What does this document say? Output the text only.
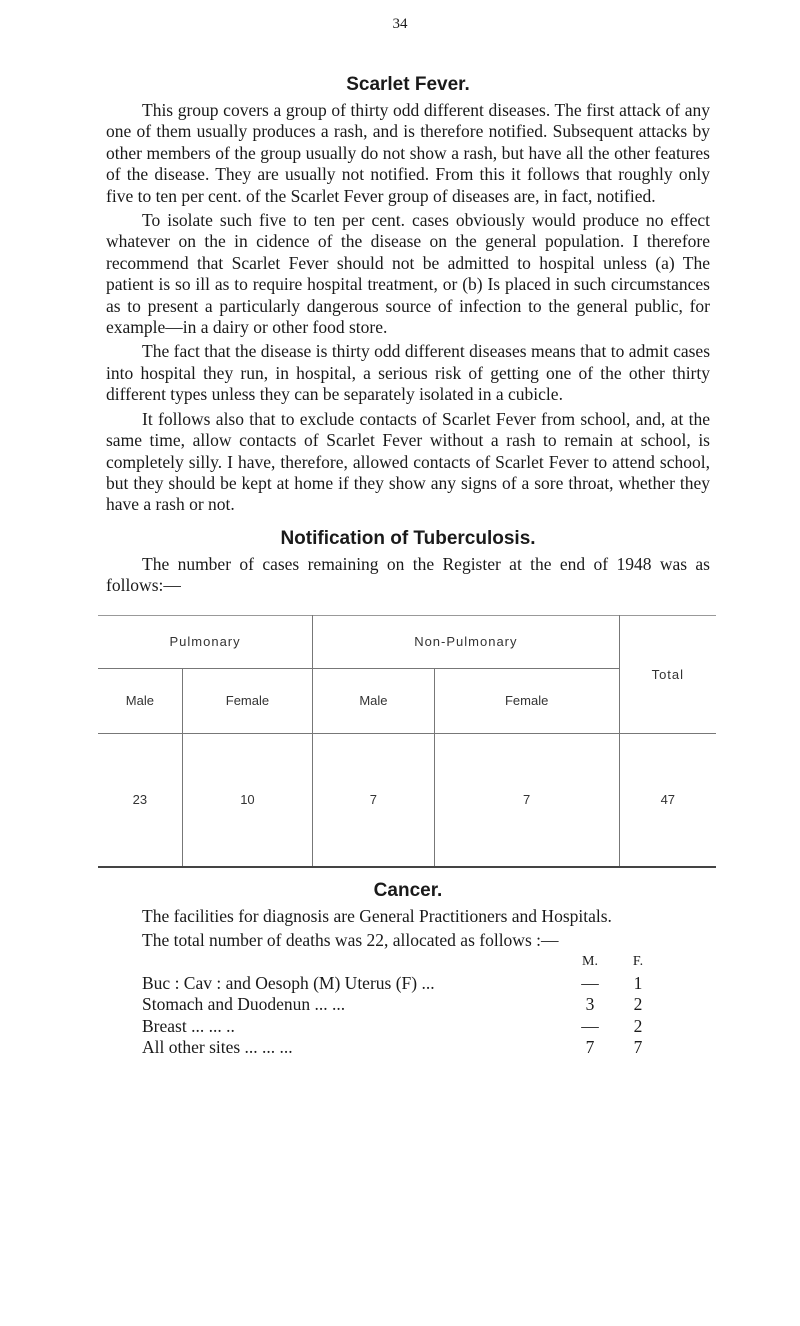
34
Scarlet Fever.

This group covers a group of thirty odd different diseases. The first attack of any one of them usually produces a rash, and is therefore notified. Subsequent attacks by other members of the group usually do not show a rash, but have all the other features of the disease. They are usually not notified. From this it follows that roughly only five to ten per cent. of the Scarlet Fever group of diseases are, in fact, notified.

To isolate such five to ten per cent. cases obviously would produce no effect whatever on the in cidence of the disease on the general population. I therefore recommend that Scarlet Fever should not be admitted to hospital unless (a) The patient is so ill as to require hospital treatment, or (b) Is placed in such circumstances as to present a particularly dangerous source of infection to the general public, for example—in a dairy or other food store.

The fact that the disease is thirty odd different diseases means that to admit cases into hospital they run, in hospital, a serious risk of getting one of the other thirty different types unless they can be separately isolated in a cubicle.

It follows also that to exclude contacts of Scarlet Fever from school, and, at the same time, allow contacts of Scarlet Fever without a rash to remain at school, is completely silly. I have, therefore, allowed contacts of Scarlet Fever to attend school, but they should be kept at home if they show any signs of a sore throat, whether they have a rash or not.

Notification of Tuberculosis.

The number of cases remaining on the Register at the end of 1948 was as follows:—

Pulmonary		Non-Pulmonary		Total
Male	Female	Male	Female	
23	10	7	7	47
Cancer.

The facilities for diagnosis are General Practitioners and Hospitals.

The total number of deaths was 22, allocated as follows :—
M.	F.
Buc : Cav : and Oesoph (M) Uterus (F) ...	—	1
Stomach and Duodenun ... ...	3	2
Breast ... ... ..	—	2
All other sites ... ... ...	7	7
